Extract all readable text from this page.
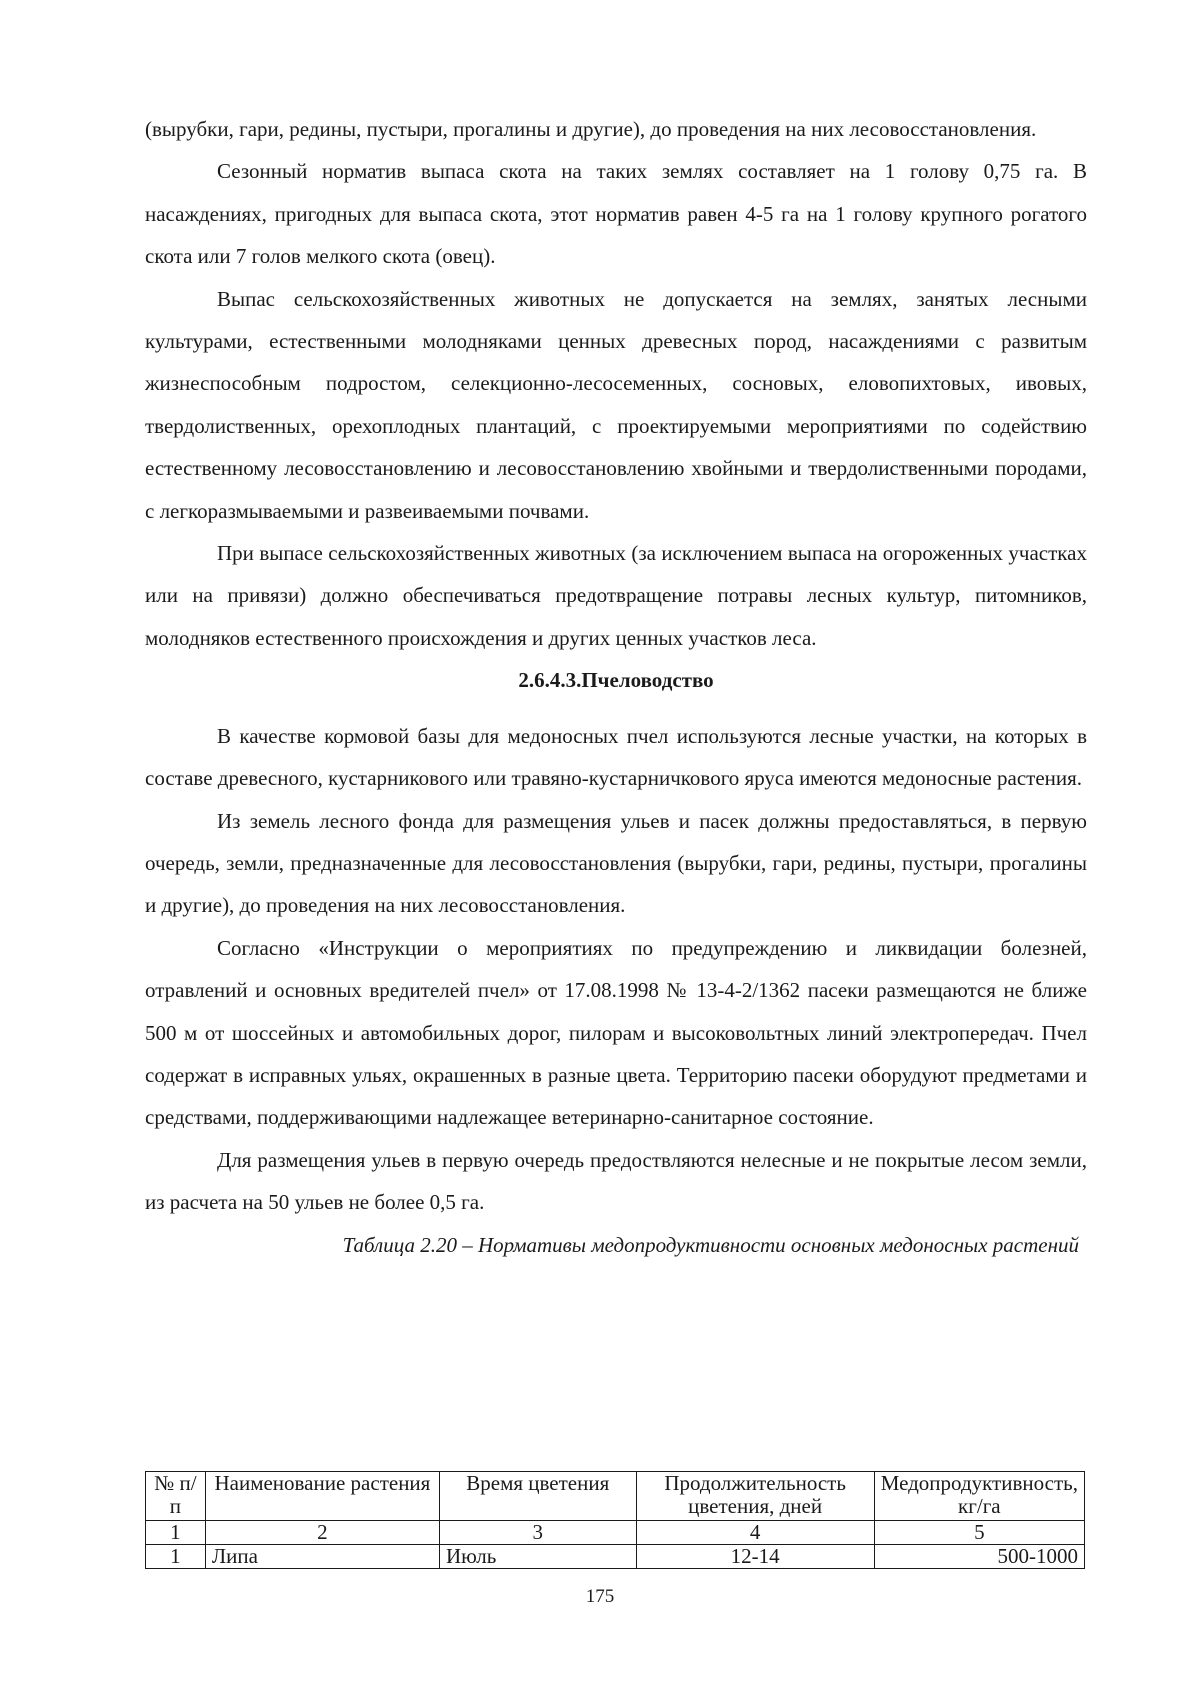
(вырубки, гари, редины, пустыри, прогалины и другие), до проведения на них лесовосстановления.

Сезонный норматив выпаса скота на таких землях составляет на 1 голову 0,75 га. В насаждениях, пригодных для выпаса скота, этот норматив равен 4-5 га на 1 голову крупного рогатого скота или 7 голов мелкого скота (овец).

Выпас сельскохозяйственных животных не допускается на землях, занятых лесными культурами, естественными молодняками ценных древесных пород, насаждениями с развитым жизнеспособным подростом, селекционно-лесосеменных, сосновых, еловопихтовых, ивовых, твердолиственных, орехоплодных плантаций, с проектируемыми мероприятиями по содействию естественному лесовосстановлению и лесовосстановлению хвойными и твердолиственными породами, с легкоразмываемыми и развеиваемыми почвами.

При выпасе сельскохозяйственных животных (за исключением выпаса на огороженных участках или на привязи) должно обеспечиваться предотвращение потравы лесных культур, питомников, молодняков естественного происхождения и других ценных участков леса.

2.6.4.3.Пчеловодство

В качестве кормовой базы для медоносных пчел используются лесные участки, на которых в составе древесного, кустарникового или травяно-кустарничкового яруса имеются медоносные растения.

Из земель лесного фонда для размещения ульев и пасек должны предоставляться, в первую очередь, земли, предназначенные для лесовосстановления (вырубки, гари, редины, пустыри, прогалины и другие), до проведения на них лесовосстановления.

Согласно «Инструкции о мероприятиях по предупреждению и ликвидации болезней, отравлений и основных вредителей пчел» от 17.08.1998 № 13-4-2/1362 пасеки размещаются не ближе 500 м от шоссейных и автомобильных дорог, пилорам и высоковольтных линий электропередач. Пчел содержат в исправных ульях, окрашенных в разные цвета. Территорию пасеки оборудуют предметами и средствами, поддерживающими надлежащее ветеринарно-санитарное состояние.

Для размещения ульев в первую очередь предоствляются нелесные и не покрытые лесом земли, из расчета на 50 ульев не более 0,5 га.

Таблица 2.20 – Нормативы медопродуктивности основных медоносных растений

№ п/п	Наименование растения	Время цветения	Продолжительность цветения, дней	Медопродуктивность, кг/га
1	2	3	4	5
1	Липа	Июль	12-14	500-1000
175
